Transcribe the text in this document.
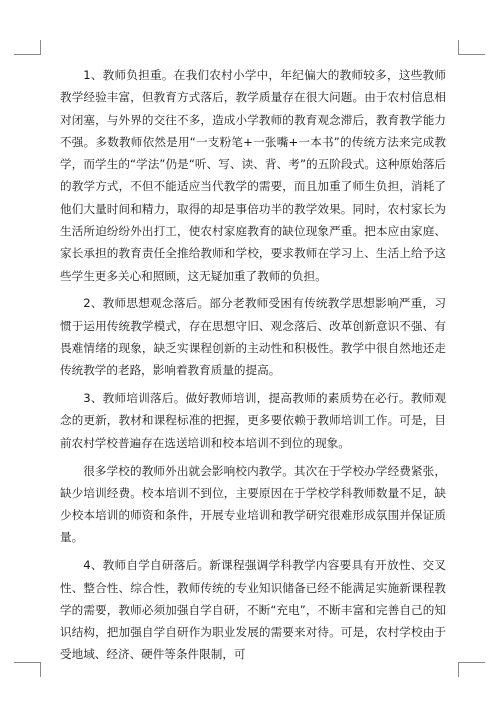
1、教师负担重。在我们农村小学中，年纪偏大的教师较多，这些教师教学经验丰富，但教育方式落后，教学质量存在很大问题。由于农村信息相对闭塞，与外界的交往不多，造成小学教师的教育观念滞后，教育教学能力不强。多数教师依然是用“一支粉笔+一张嘴+一本书”的传统方法来完成教学，而学生的“学法”仍是“听、写、读、背、考”的五阶段式。这种原始落后的教学方式，不但不能适应当代教学的需要，而且加重了师生负担，消耗了他们大量时间和精力，取得的却是事倍功半的教学效果。同时，农村家长为生活所迫纷纷外出打工，使农村家庭教育的缺位现象严重。把本应由家庭、家长承担的教育责任全推给教师和学校，要求教师在学习上、生活上给予这些学生更多关心和照顾，这无疑加重了教师的负担。

2、教师思想观念落后。部分老教师受困有传统教学思想影响严重，习惯于运用传统教学模式，存在思想守旧、观念落后、改革创新意识不强、有畏难情绪的现象，缺乏实课程创新的主动性和积极性。教学中很自然地还走传统教学的老路，影响着教育质量的提高。

3、教师培训落后。做好教师培训，提高教师的素质势在必行。教师观念的更新，教材和课程标准的把握，更多要依赖于教师培训工作。可是，目前农村学校普遍存在选送培训和校本培训不到位的现象。

很多学校的教师外出就会影响校内教学。其次在于学校办学经费紧张，缺少培训经费。校本培训不到位，主要原因在于学校学科教师数量不足，缺少校本培训的师资和条件，开展专业培训和教学研究很难形成氛围并保证质量。

4、教师自学自研落后。新课程强调学科教学内容要具有开放性、交叉性、整合性、综合性，教师传统的专业知识储备已经不能满足实施新课程教学的需要，教师必须加强自学自研，不断“充电”，不断丰富和完善自己的知识结构，把加强自学自研作为职业发展的需要来对待。可是，农村学校由于受地域、经济、硬件等条件限制，可
